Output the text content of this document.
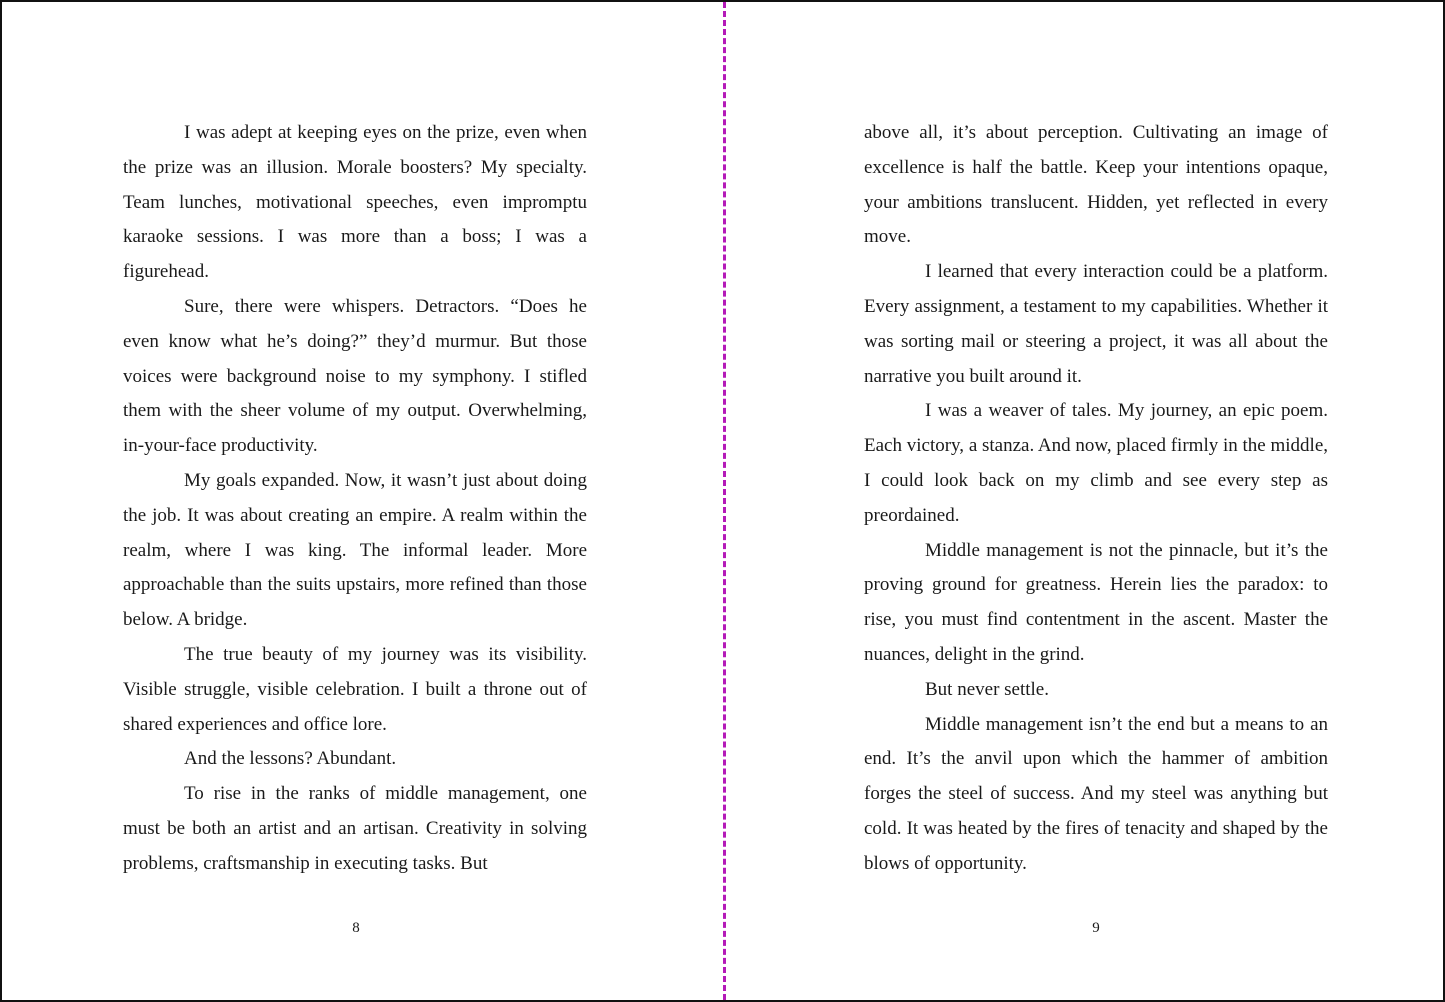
I was adept at keeping eyes on the prize, even when the prize was an illusion. Morale boosters? My specialty. Team lunches, motivational speeches, even impromptu karaoke sessions. I was more than a boss; I was a figurehead.

Sure, there were whispers. Detractors. “Does he even know what he’s doing?” they’d murmur. But those voices were background noise to my symphony. I stifled them with the sheer volume of my output. Overwhelming, in-your-face productivity.

My goals expanded. Now, it wasn’t just about doing the job. It was about creating an empire. A realm within the realm, where I was king. The informal leader. More approachable than the suits upstairs, more refined than those below. A bridge.

The true beauty of my journey was its visibility. Visible struggle, visible celebration. I built a throne out of shared experiences and office lore.

And the lessons? Abundant.

To rise in the ranks of middle management, one must be both an artist and an artisan. Creativity in solving problems, craftsmanship in executing tasks. But

8

above all, it’s about perception. Cultivating an image of excellence is half the battle. Keep your intentions opaque, your ambitions translucent. Hidden, yet reflected in every move.

I learned that every interaction could be a platform. Every assignment, a testament to my capabilities. Whether it was sorting mail or steering a project, it was all about the narrative you built around it.

I was a weaver of tales. My journey, an epic poem. Each victory, a stanza. And now, placed firmly in the middle, I could look back on my climb and see every step as preordained.

Middle management is not the pinnacle, but it’s the proving ground for greatness. Herein lies the paradox: to rise, you must find contentment in the ascent. Master the nuances, delight in the grind.

But never settle.

Middle management isn’t the end but a means to an end. It’s the anvil upon which the hammer of ambition forges the steel of success. And my steel was anything but cold. It was heated by the fires of tenacity and shaped by the blows of opportunity.

9
